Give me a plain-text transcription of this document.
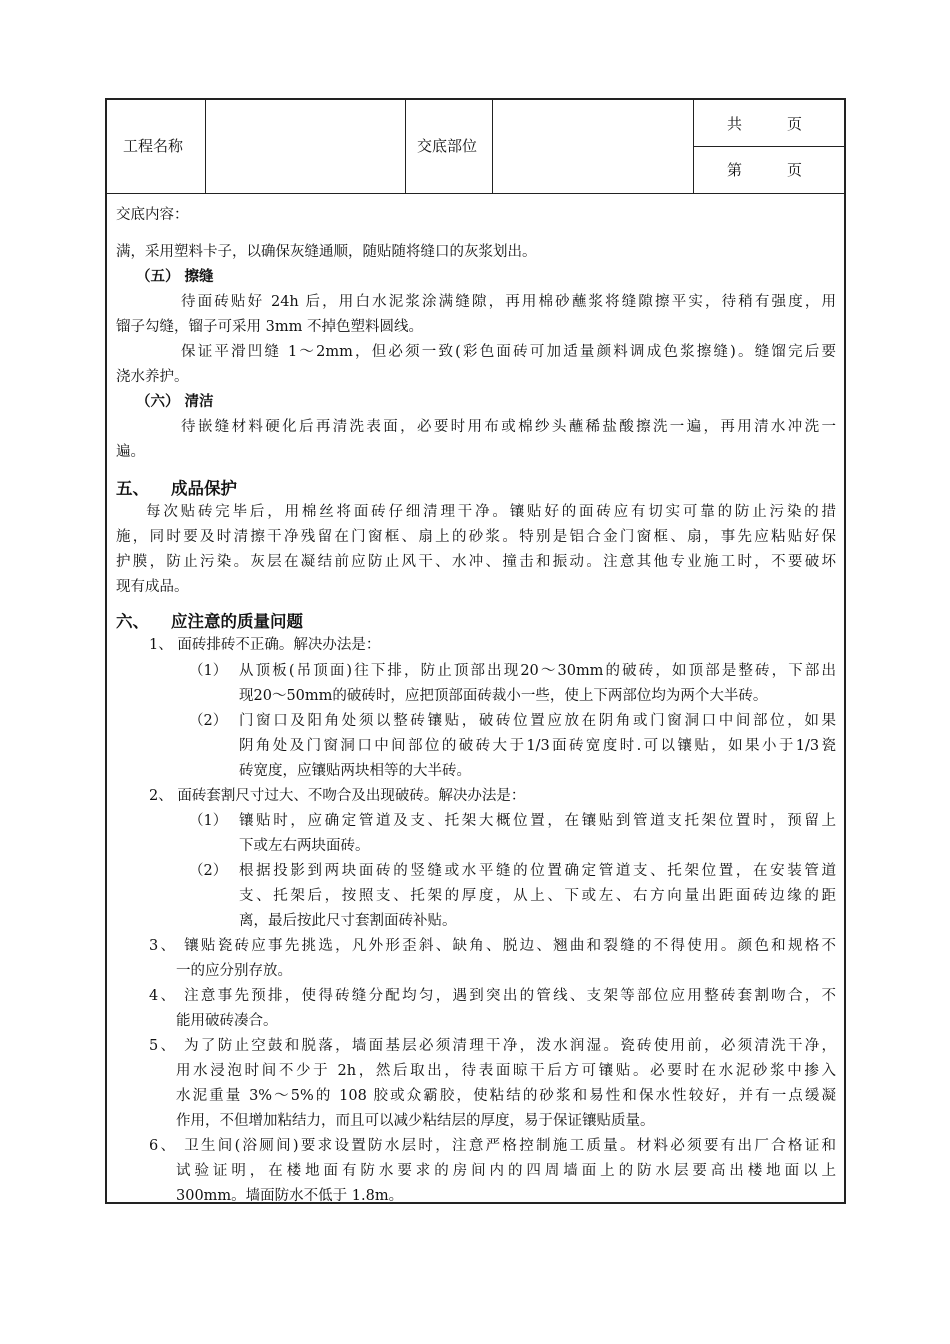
工程名称	交底部位
共　　　页
第　　　页
交底内容：
满，采用塑料卡子，以确保灰缝通顺，随贴随将缝口的灰浆划出。
（五） 擦缝
待面砖贴好 24h 后，用白水泥浆涂满缝隙，再用棉砂蘸浆将缝隙擦平实，待稍有强度，用
镏子勾缝，镏子可采用 3mm 不掉色塑料圆线。
保证平滑凹缝 1～2mm，但必须一致(彩色面砖可加适量颜料调成色浆擦缝)。缝馏完后要
浇水养护。
（六） 清洁
待嵌缝材料硬化后再清洗表面，必要时用布或棉纱头蘸稀盐酸擦洗一遍，再用清水冲洗一
遍。
五、 成品保护
每次贴砖完毕后，用棉丝将面砖仔细清理干净。镶贴好的面砖应有切实可靠的防止污染的措
施，同时要及时清擦干净残留在门窗框、扇上的砂浆。特别是铝合金门窗框、扇，事先应粘贴好保
护膜，防止污染。灰层在凝结前应防止风干、水冲、撞击和振动。注意其他专业施工时，不要破坏
现有成品。
六、 应注意的质量问题
1、 面砖排砖不正确。解决办法是：
（1） 从顶板(吊顶面)往下排，防止顶部出现20～30mm的破砖，如顶部是整砖，下部出
现20～50mm的破砖时，应把顶部面砖裁小一些，使上下两部位均为两个大半砖。
（2） 门窗口及阳角处须以整砖镶贴，破砖位置应放在阴角或门窗洞口中间部位，如果
阴角处及门窗洞口中间部位的破砖大于1/3面砖宽度时.可以镶贴，如果小于1/3瓷
砖宽度，应镶贴两块相等的大半砖。
2、 面砖套割尺寸过大、不吻合及出现破砖。解决办法是：
（1） 镶贴时，应确定管道及支、托架大概位置，在镶贴到管道支托架位置时，预留上
下或左右两块面砖。
（2） 根据投影到两块面砖的竖缝或水平缝的位置确定管道支、托架位置，在安装管道
支、托架后，按照支、托架的厚度，从上、下或左、右方向量出距面砖边缘的距
离，最后按此尺寸套割面砖补贴。
3、 镶贴瓷砖应事先挑选，凡外形歪斜、缺角、脱边、翘曲和裂缝的不得使用。颜色和规格不
一的应分别存放。
4、 注意事先预排，使得砖缝分配均匀，遇到突出的管线、支架等部位应用整砖套割吻合，不
能用破砖凑合。
5、 为了防止空鼓和脱落，墙面基层必须清理干净，泼水润湿。瓷砖使用前，必须清洗干净，
用水浸泡时间不少于 2h，然后取出，待表面晾干后方可镶贴。必要时在水泥砂浆中掺入
水泥重量 3%～5%的 108 胶或众霸胶，使粘结的砂浆和易性和保水性较好，并有一点缓凝
作用，不但增加粘结力，而且可以减少粘结层的厚度，易于保证镶贴质量。
6、 卫生间(浴厕间)要求设置防水层时，注意严格控制施工质量。材料必须要有出厂合格证和
试验证明，在楼地面有防水要求的房间内的四周墙面上的防水层要高出楼地面以上
300mm。墙面防水不低于 1.8m。
